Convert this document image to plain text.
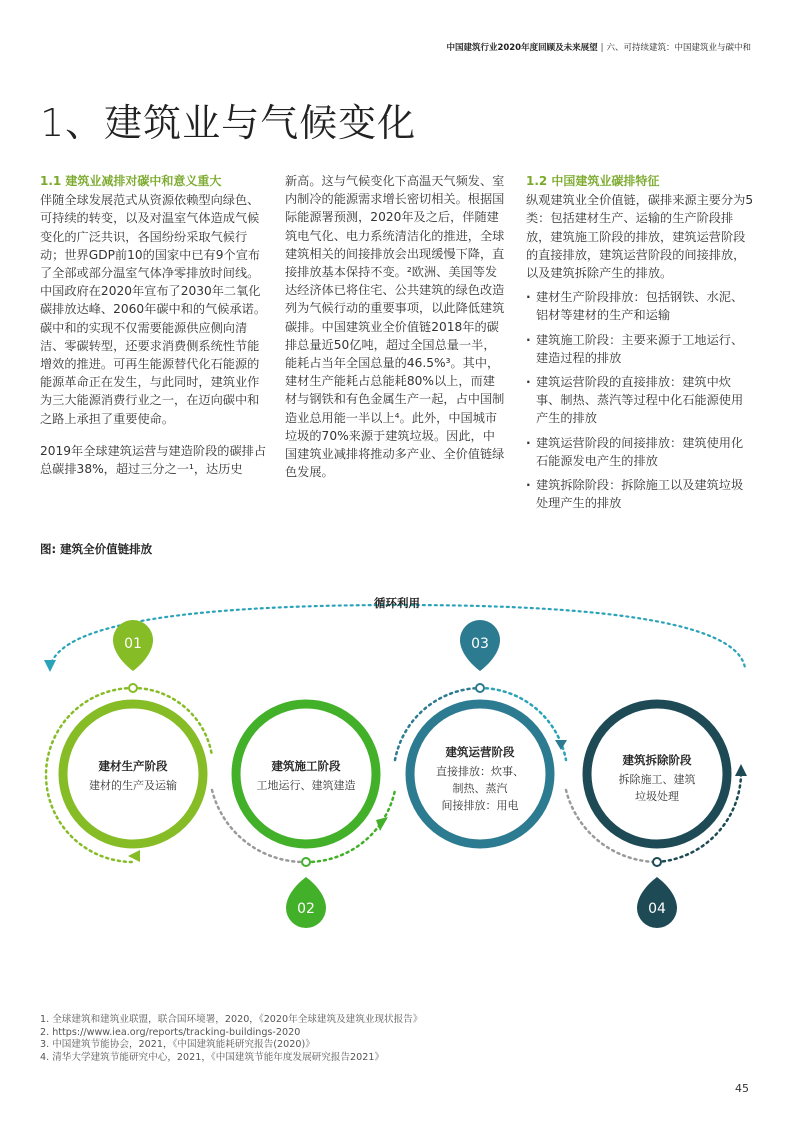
中国建筑行业2020年度回顾及未来展望 | 六、可持续建筑：中国建筑业与碳中和
1、建筑业与气候变化
1.1 建筑业减排对碳中和意义重大

伴随全球发展范式从资源依赖型向绿色、可持续的转变，以及对温室气体造成气候变化的广泛共识，各国纷纷采取气候行动；世界GDP前10的国家中已有9个宣布了全部或部分温室气体净零排放时间线。中国政府在2020年宣布了2030年二氧化碳排放达峰、2060年碳中和的气候承诺。碳中和的实现不仅需要能源供应侧向清洁、零碳转型，还要求消费侧系统性节能增效的推进。可再生能源替代化石能源的能源革命正在发生，与此同时，建筑业作为三大能源消费行业之一，在迈向碳中和之路上承担了重要使命。

2019年全球建筑运营与建造阶段的碳排占总碳排38%，超过三分之一¹，达历史

新高。这与气候变化下高温天气频发、室内制冷的能源需求增长密切相关。根据国际能源署预测，2020年及之后，伴随建筑电气化、电力系统清洁化的推进，全球建筑相关的间接排放会出现缓慢下降，直接排放基本保持不变。²欧洲、美国等发达经济体已将住宅、公共建筑的绿色改造列为气候行动的重要事项，以此降低建筑碳排。中国建筑业全价值链2018年的碳排总量近50亿吨，超过全国总量一半，能耗占当年全国总量的46.5%³。其中，建材生产能耗占总能耗80%以上，而建材与钢铁和有色金属生产一起，占中国制造业总用能一半以上⁴。此外，中国城市垃圾的70%来源于建筑垃圾。因此，中国建筑业减排将推动多产业、全价值链绿色发展。

1.2 中国建筑业碳排特征

纵观建筑业全价值链，碳排来源主要分为5类：包括建材生产、运输的生产阶段排放，建筑施工阶段的排放，建筑运营阶段的直接排放，建筑运营阶段的间接排放，以及建筑拆除产生的排放。

· 建材生产阶段排放：包括钢铁、水泥、铝材等建材的生产和运输
· 建筑施工阶段：主要来源于工地运行、建造过程的排放
· 建筑运营阶段的直接排放：建筑中炊事、制热、蒸汽等过程中化石能源使用产生的排放
· 建筑运营阶段的间接排放：建筑使用化石能源发电产生的排放
· 建筑拆除阶段：拆除施工以及建筑垃圾处理产生的排放
图: 建筑全价值链排放
循环利用
建材生产阶段
建材的生产及运输
01
建筑施工阶段
工地运行、建筑建造
02
建筑运营阶段
直接排放：炊事、
制热、蒸汽
间接排放：用电
03
建筑拆除阶段
拆除施工、建筑
垃圾处理
04
1. 全球建筑和建筑业联盟，联合国环境署，2020，《2020年全球建筑及建筑业现状报告》
2. https://www.iea.org/reports/tracking-buildings-2020
3. 中国建筑节能协会，2021，《中国建筑能耗研究报告(2020)》
4. 清华大学建筑节能研究中心，2021，《中国建筑节能年度发展研究报告2021》
45
